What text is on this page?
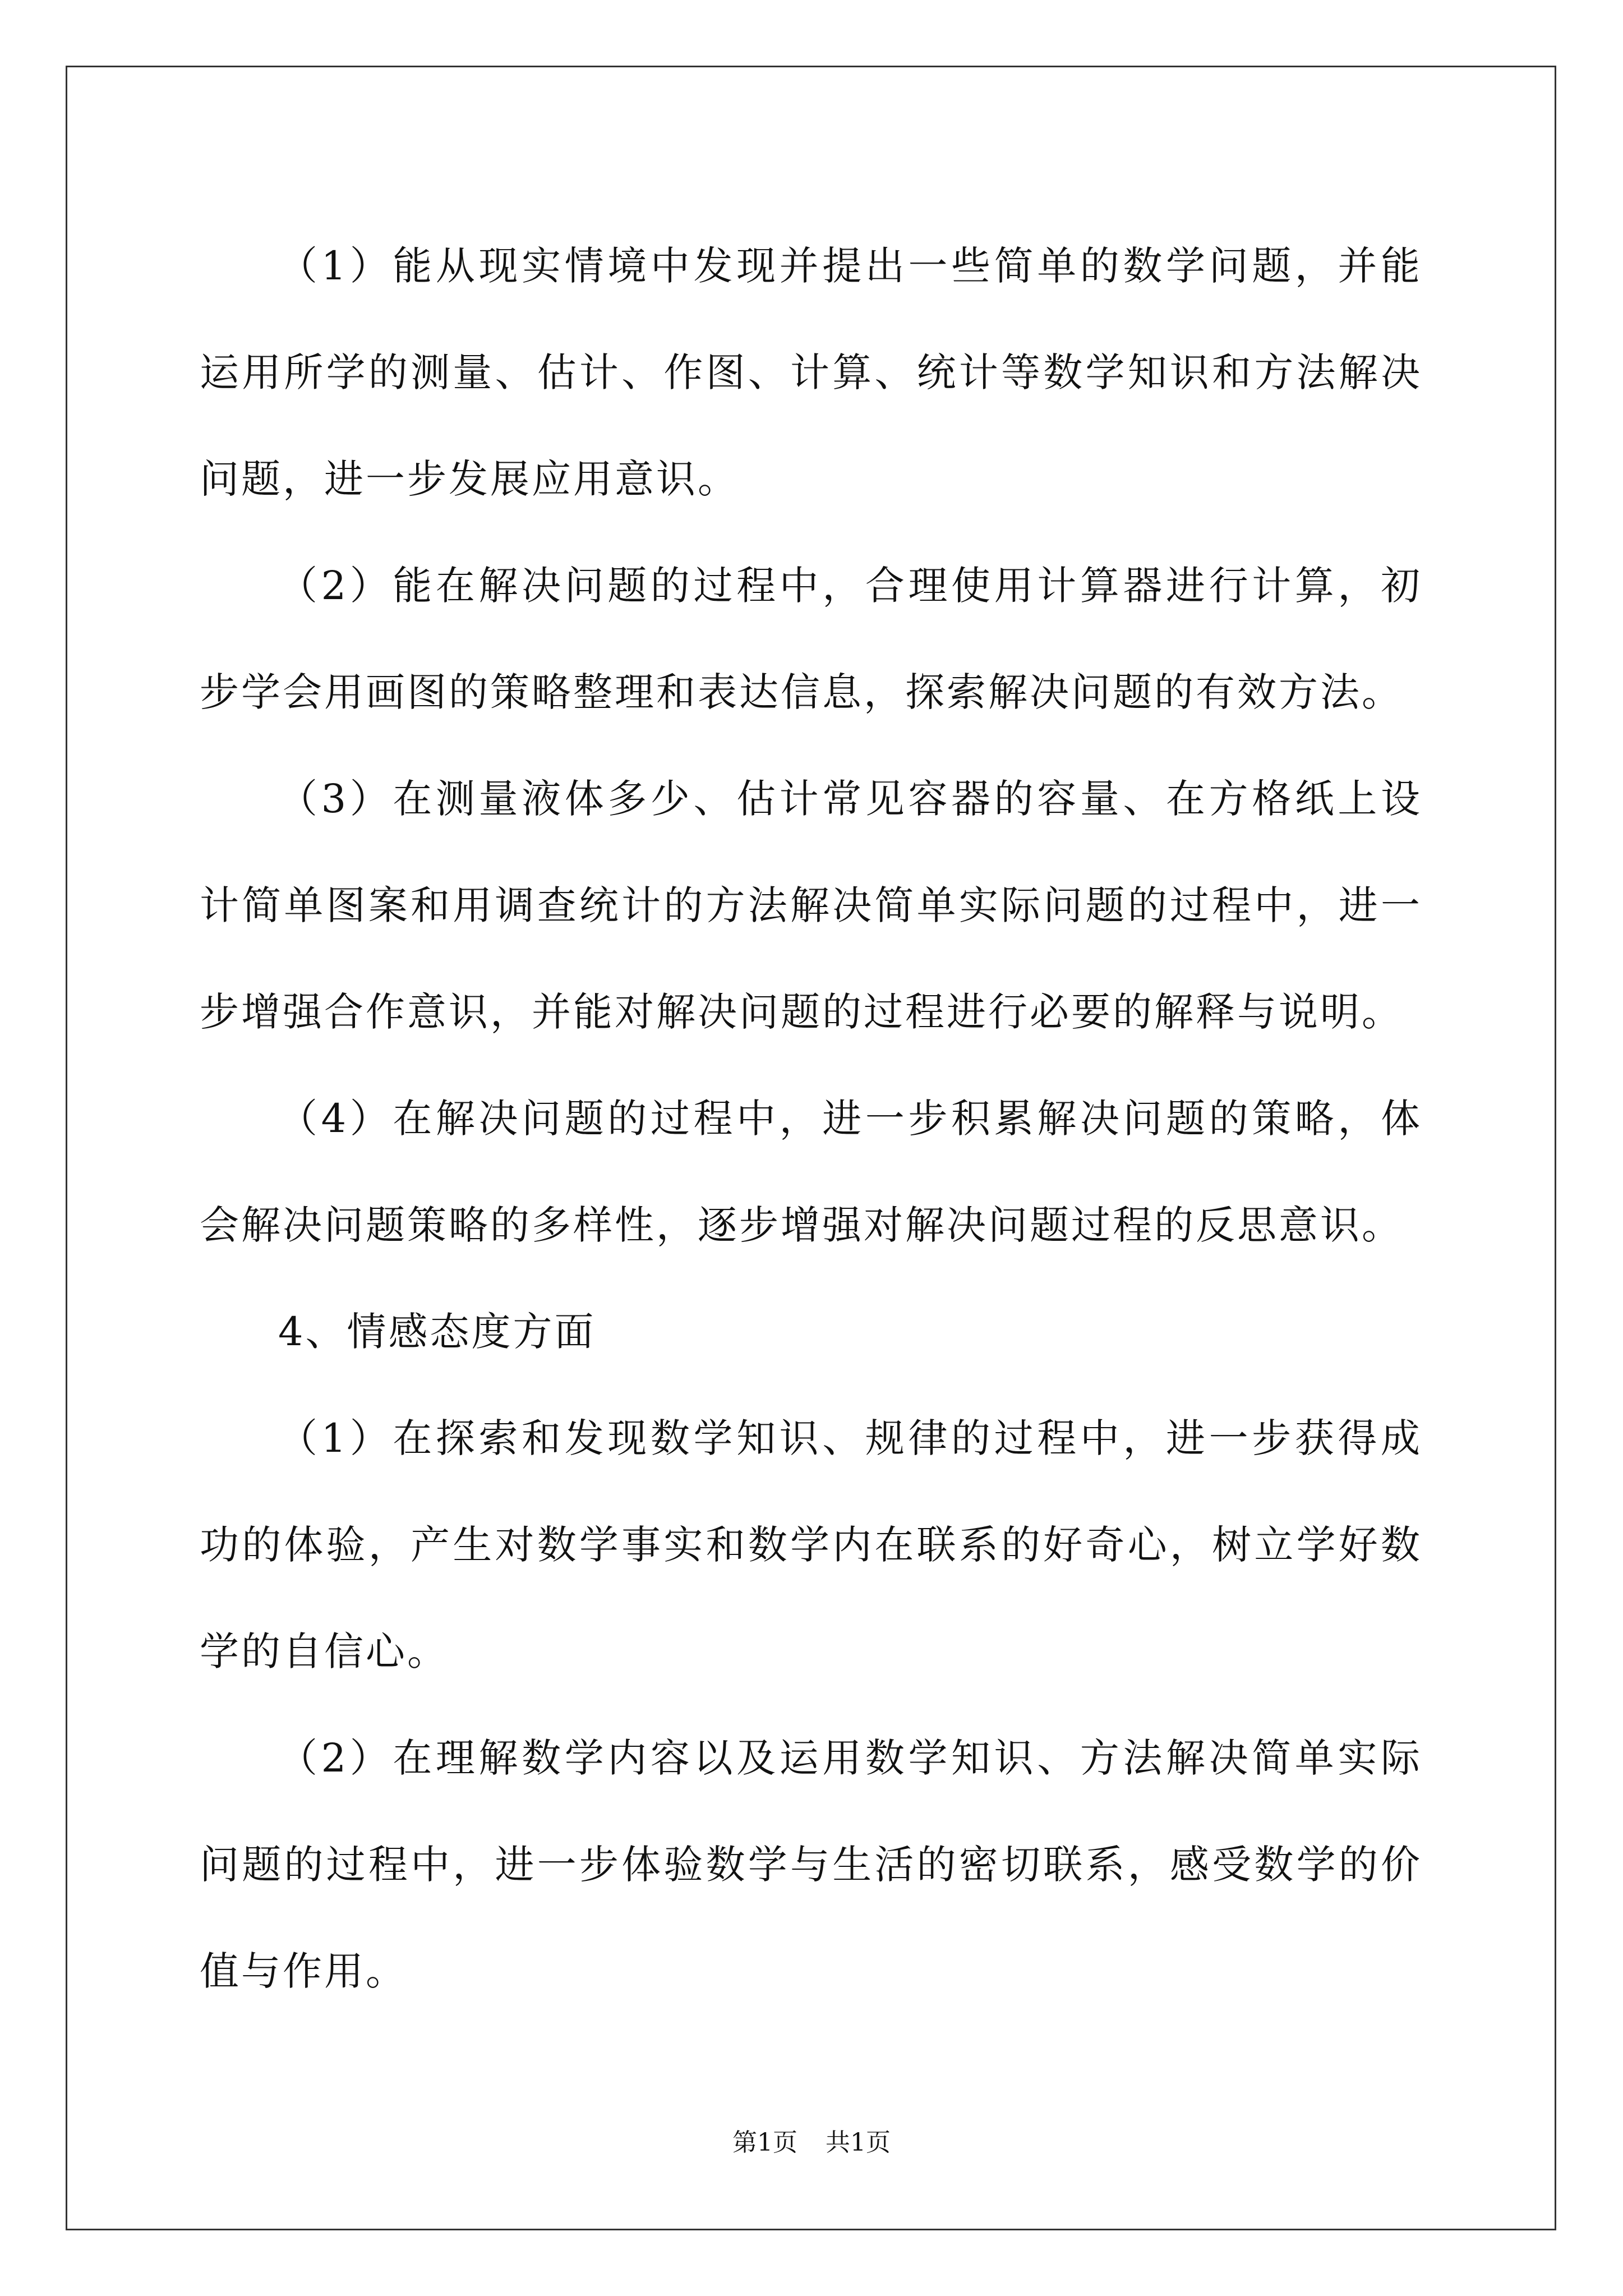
（1）能从现实情境中发现并提出一些简单的数学问题，并能运用所学的测量、估计、作图、计算、统计等数学知识和方法解决问题，进一步发展应用意识。

（2）能在解决问题的过程中，合理使用计算器进行计算，初步学会用画图的策略整理和表达信息，探索解决问题的有效方法。

（3）在测量液体多少、估计常见容器的容量、在方格纸上设计简单图案和用调查统计的方法解决简单实际问题的过程中，进一步增强合作意识，并能对解决问题的过程进行必要的解释与说明。

（4）在解决问题的过程中，进一步积累解决问题的策略，体会解决问题策略的多样性，逐步增强对解决问题过程的反思意识。

4、情感态度方面

（1）在探索和发现数学知识、规律的过程中，进一步获得成功的体验，产生对数学事实和数学内在联系的好奇心，树立学好数学的自信心。

（2）在理解数学内容以及运用数学知识、方法解决简单实际问题的过程中，进一步体验数学与生活的密切联系，感受数学的价值与作用。

第1页 共1页
